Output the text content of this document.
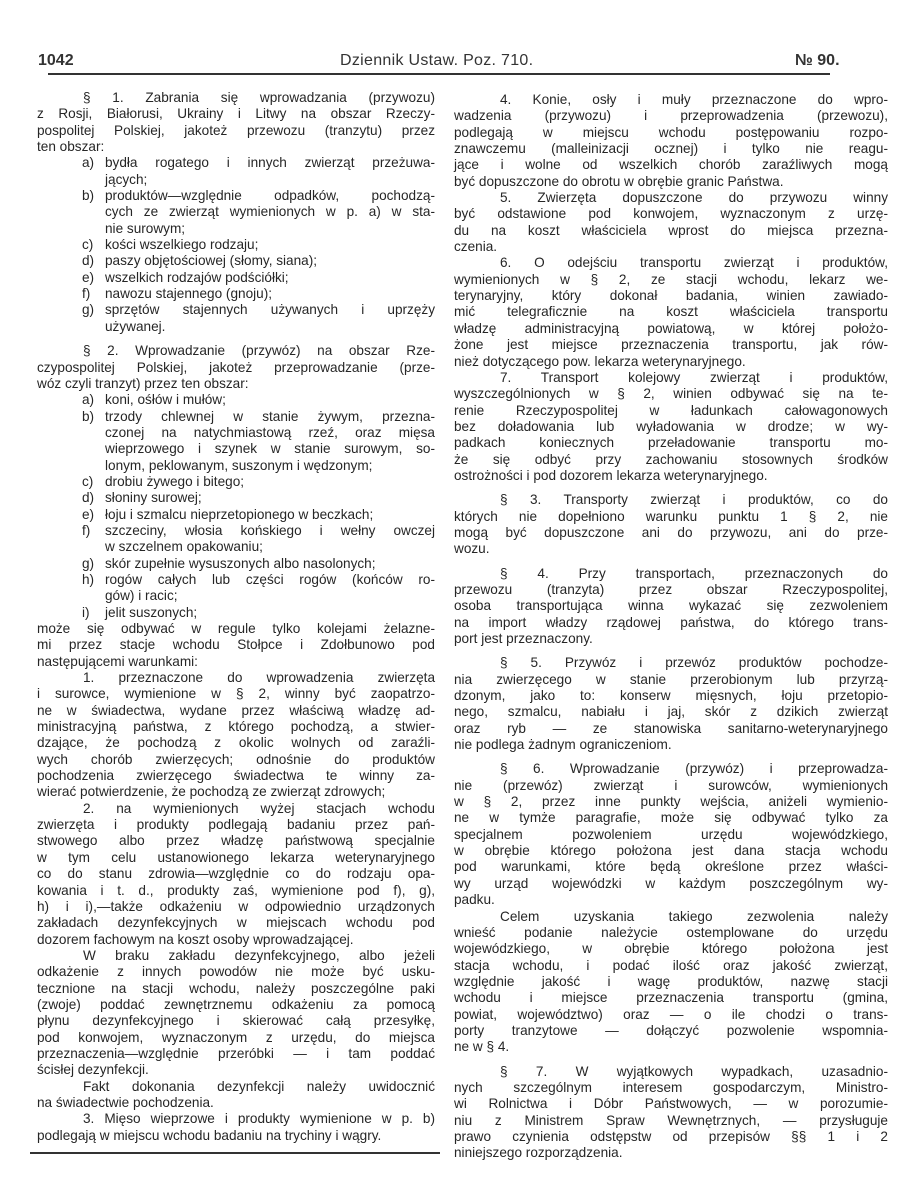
1042	Dziennik Ustaw. Poz. 710.	№ 90.
§ 1. Zabrania się wprowadzania (przywozu)
z Rosji, Białorusi, Ukrainy i Litwy na obszar Rzeczy-
pospolitej Polskiej, jakoteż przewozu (tranzytu) przez
ten obszar:
a) bydła rogatego i innych zwierząt przeżuwa-
jących;
b) produktów—względnie odpadków, pochodzą-
cych ze zwierząt wymienionych w p. a) w sta-
nie surowym;
c) kości wszelkiego rodzaju;
d) paszy objętościowej (słomy, siana);
e) wszelkich rodzajów podściółki;
f)	nawozu stajennego (gnoju);
g) sprzętów stajennych używanych i uprzęży
używanej.
§ 2. Wprowadzanie (przywóz) na obszar Rze-
czypospolitej Polskiej, jakoteż przeprowadzanie (prze-
wóz czyli tranzyt) przez ten obszar:
a) koni, ośłów i mułów;
b) trzody chlewnej w stanie żywym, przezna-
czonej na natychmiastową rzeź, oraz mięsa
wieprzowego i szynek w stanie surowym, so-
lonym, peklowanym, suszonym i wędzonym;
c) drobiu żywego i bitego;
d) słoniny surowej;
e) łoju i szmalcu nieprzetopionego w beczkach;
f)	szczeciny, włosia końskiego i wełny owczej
w szczelnem opakowaniu;
g) skór zupełnie wysuszonych albo nasolonych;
h) rogów całych lub części rogów (końców ro-
gów) i racic;
i)	jelit suszonych;
może się odbywać w regule tylko kolejami żelazne-
mi przez stacje wchodu Stołpce i Zdołbunowo pod
następującemi warunkami:
1. przeznaczone do wprowadzenia zwierzęta
i surowce, wymienione w § 2, winny być zaopatrzo-
ne w świadectwa, wydane przez właściwą władzę ad-
ministracyjną państwa, z którego pochodzą, a stwier-
dzające, że pochodzą z okolic wolnych od zaraźli-
wych chorób zwierzęcych; odnośnie do produktów
pochodzenia zwierzęcego świadectwa te winny za-
wierać potwierdzenie, że pochodzą ze zwierząt zdrowych;
2. na wymienionych wyżej stacjach wchodu
zwierzęta i produkty podlegają badaniu przez pań-
stwowego albo przez władzę państwową specjalnie
w tym celu ustanowionego lekarza weterynaryjnego
co do stanu zdrowia—względnie co do rodzaju opa-
kowania i t. d., produkty zaś, wymienione pod f), g),
h) i i),—także odkażeniu w odpowiednio urządzonych
zakładach dezynfekcyjnych w miejscach wchodu pod
dozorem fachowym na koszt osoby wprowadzającej.
W braku zakładu dezynfekcyjnego, albo jeżeli
odkażenie z innych powodów nie może być usku-
tecznione na stacji wchodu, należy poszczególne paki
(zwoje) poddać zewnętrznemu odkażeniu za pomocą
płynu dezynfekcyjnego i skierować całą przesyłkę,
pod konwojem, wyznaczonym z urzędu, do miejsca
przeznaczenia—względnie przeróbki — i tam poddać
ścisłej dezynfekcji.
Fakt dokonania dezynfekcji należy uwidocznić
na świadectwie pochodzenia.
3. Mięso wieprzowe i produkty wymienione w p. b)
podlegają w miejscu wchodu badaniu na trychiny i wągry.
4. Konie, osły i muły przeznaczone do wpro-
wadzenia (przywozu) i przeprowadzenia (przewozu),
podlegają w miejscu wchodu postępowaniu rozpo-
znawczemu (malleinizacji ocznej) i tylko nie reagu-
jące i wolne od wszelkich chorób zaraźliwych mogą
być dopuszczone do obrotu w obrębie granic Państwa.
5. Zwierzęta dopuszczone do przywozu winny
być odstawione pod konwojem, wyznaczonym z urzę-
du na koszt właściciela wprost do miejsca przezna-
czenia.
6. O odejściu transportu zwierząt i produktów,
wymienionych w § 2, ze stacji wchodu, lekarz we-
terynaryjny, który dokonał badania, winien zawiado-
mić telegraficznie na koszt właściciela transportu
władzę administracyjną powiatową, w której położo-
żone jest miejsce przeznaczenia transportu, jak rów-
nież dotyczącego pow. lekarza weterynaryjnego.
7. Transport kolejowy zwierząt i produktów,
wyszczególnionych w § 2, winien odbywać się na te-
renie Rzeczypospolitej w ładunkach całowagonowych
bez doładowania lub wyładowania w drodze; w wy-
padkach koniecznych przeładowanie transportu mo-
że się odbyć przy zachowaniu stosownych środków
ostrożności i pod dozorem lekarza weterynaryjnego.
§ 3. Transporty zwierząt i produktów, co do
których nie dopełniono warunku punktu 1 § 2, nie
mogą być dopuszczone ani do przywozu, ani do prze-
wozu.
§ 4. Przy transportach, przeznaczonych do
przewozu (tranzyta) przez obszar Rzeczypospolitej,
osoba transportująca winna wykazać się zezwoleniem
na import władzy rządowej państwa, do którego trans-
port jest przeznaczony.
§ 5. Przywóz i przewóz produktów pochodze-
nia zwierzęcego w stanie przerobionym lub przyrzą-
dzonym, jako to: konserw mięsnych, łoju przetopio-
nego, szmalcu, nabiału i jaj, skór z dzikich zwierząt
oraz ryb — ze stanowiska sanitarno-weterynaryjnego
nie podlega żadnym ograniczeniom.
§ 6. Wprowadzanie (przywóz) i przeprowadza-
nie (przewóz) zwierząt i surowców, wymienionych
w § 2, przez inne punkty wejścia, aniżeli wymienio-
ne w tymże paragrafie, może się odbywać tylko za
specjalnem pozwoleniem urzędu wojewódzkiego,
w obrębie którego położona jest dana stacja wchodu
pod warunkami, które będą określone przez właści-
wy urząd wojewódzki w każdym poszczególnym wy-
padku.
Celem uzyskania takiego zezwolenia należy
wnieść podanie należycie ostemplowane do urzędu
wojewódzkiego, w obrębie którego położona jest
stacja wchodu, i podać ilość oraz jakość zwierząt,
względnie jakość i wagę produktów, nazwę stacji
wchodu i miejsce przeznaczenia transportu (gmina,
powiat, województwo) oraz — o ile chodzi o trans-
porty tranzytowe — dołączyć pozwolenie wspomnia-
ne w § 4.
§ 7. W wyjątkowych wypadkach, uzasadnio-
nych szczególnym interesem gospodarczym, Ministro-
wi Rolnictwa i Dóbr Państwowych, — w porozumie-
niu z Ministrem Spraw Wewnętrznych, — przysługuje
prawo czynienia odstępstw od przepisów §§ 1 i 2
niniejszego rozporządzenia.
